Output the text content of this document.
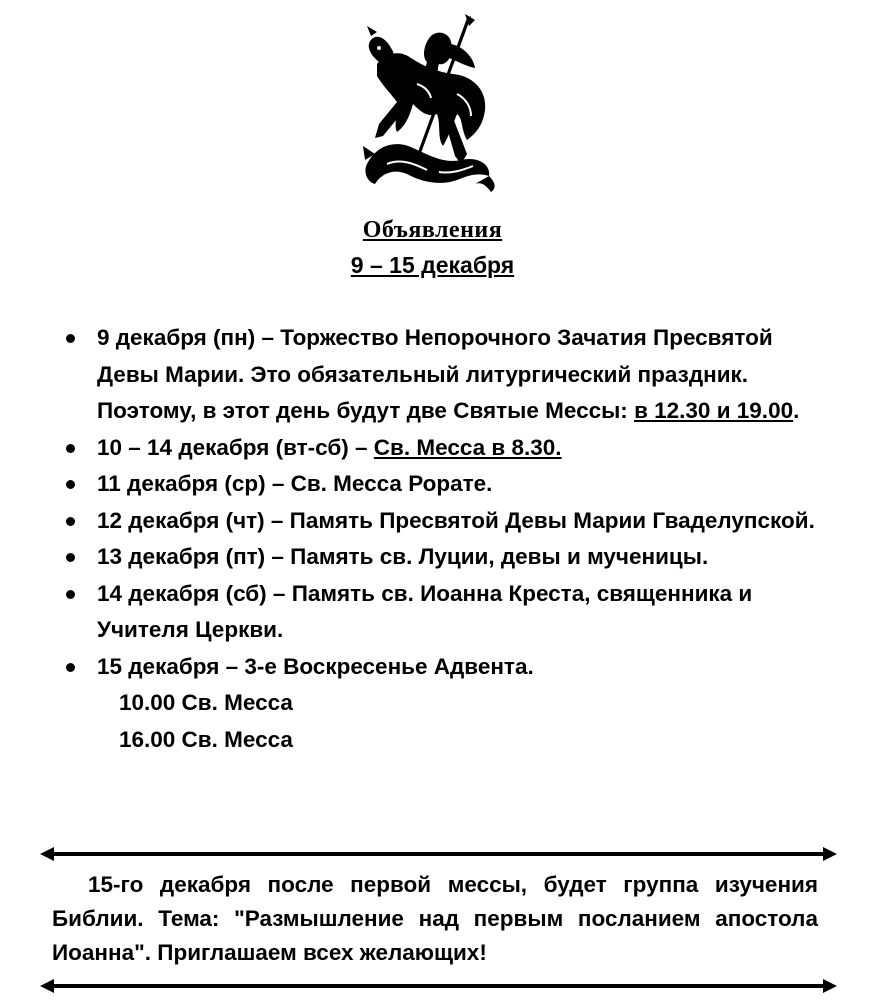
Объявления
9 – 15 декабря
9 декабря (пн) – Торжество Непорочного Зачатия Пресвятой Девы Марии. Это обязательный литургический праздник. Поэтому, в этот день будут две Святые Мессы: в 12.30 и 19.00.
10 – 14 декабря (вт-сб) – Св. Месса в 8.30.
11 декабря (ср) – Св. Месса Рорате.
12 декабря (чт) – Память Пресвятой Девы Марии Гваделупской.
13 декабря (пт) – Память св. Луции, девы и мученицы.
14 декабря (сб) – Память св. Иоанна Креста, священника и Учителя Церкви.
15 декабря – 3-е Воскресенье Адвента.
10.00 Св. Месса
16.00 Св. Месса

15-го декабря после первой мессы, будет группа изучения Библии. Тема: "Размышление над первым посланием апостола Иоанна". Приглашаем всех желающих!
